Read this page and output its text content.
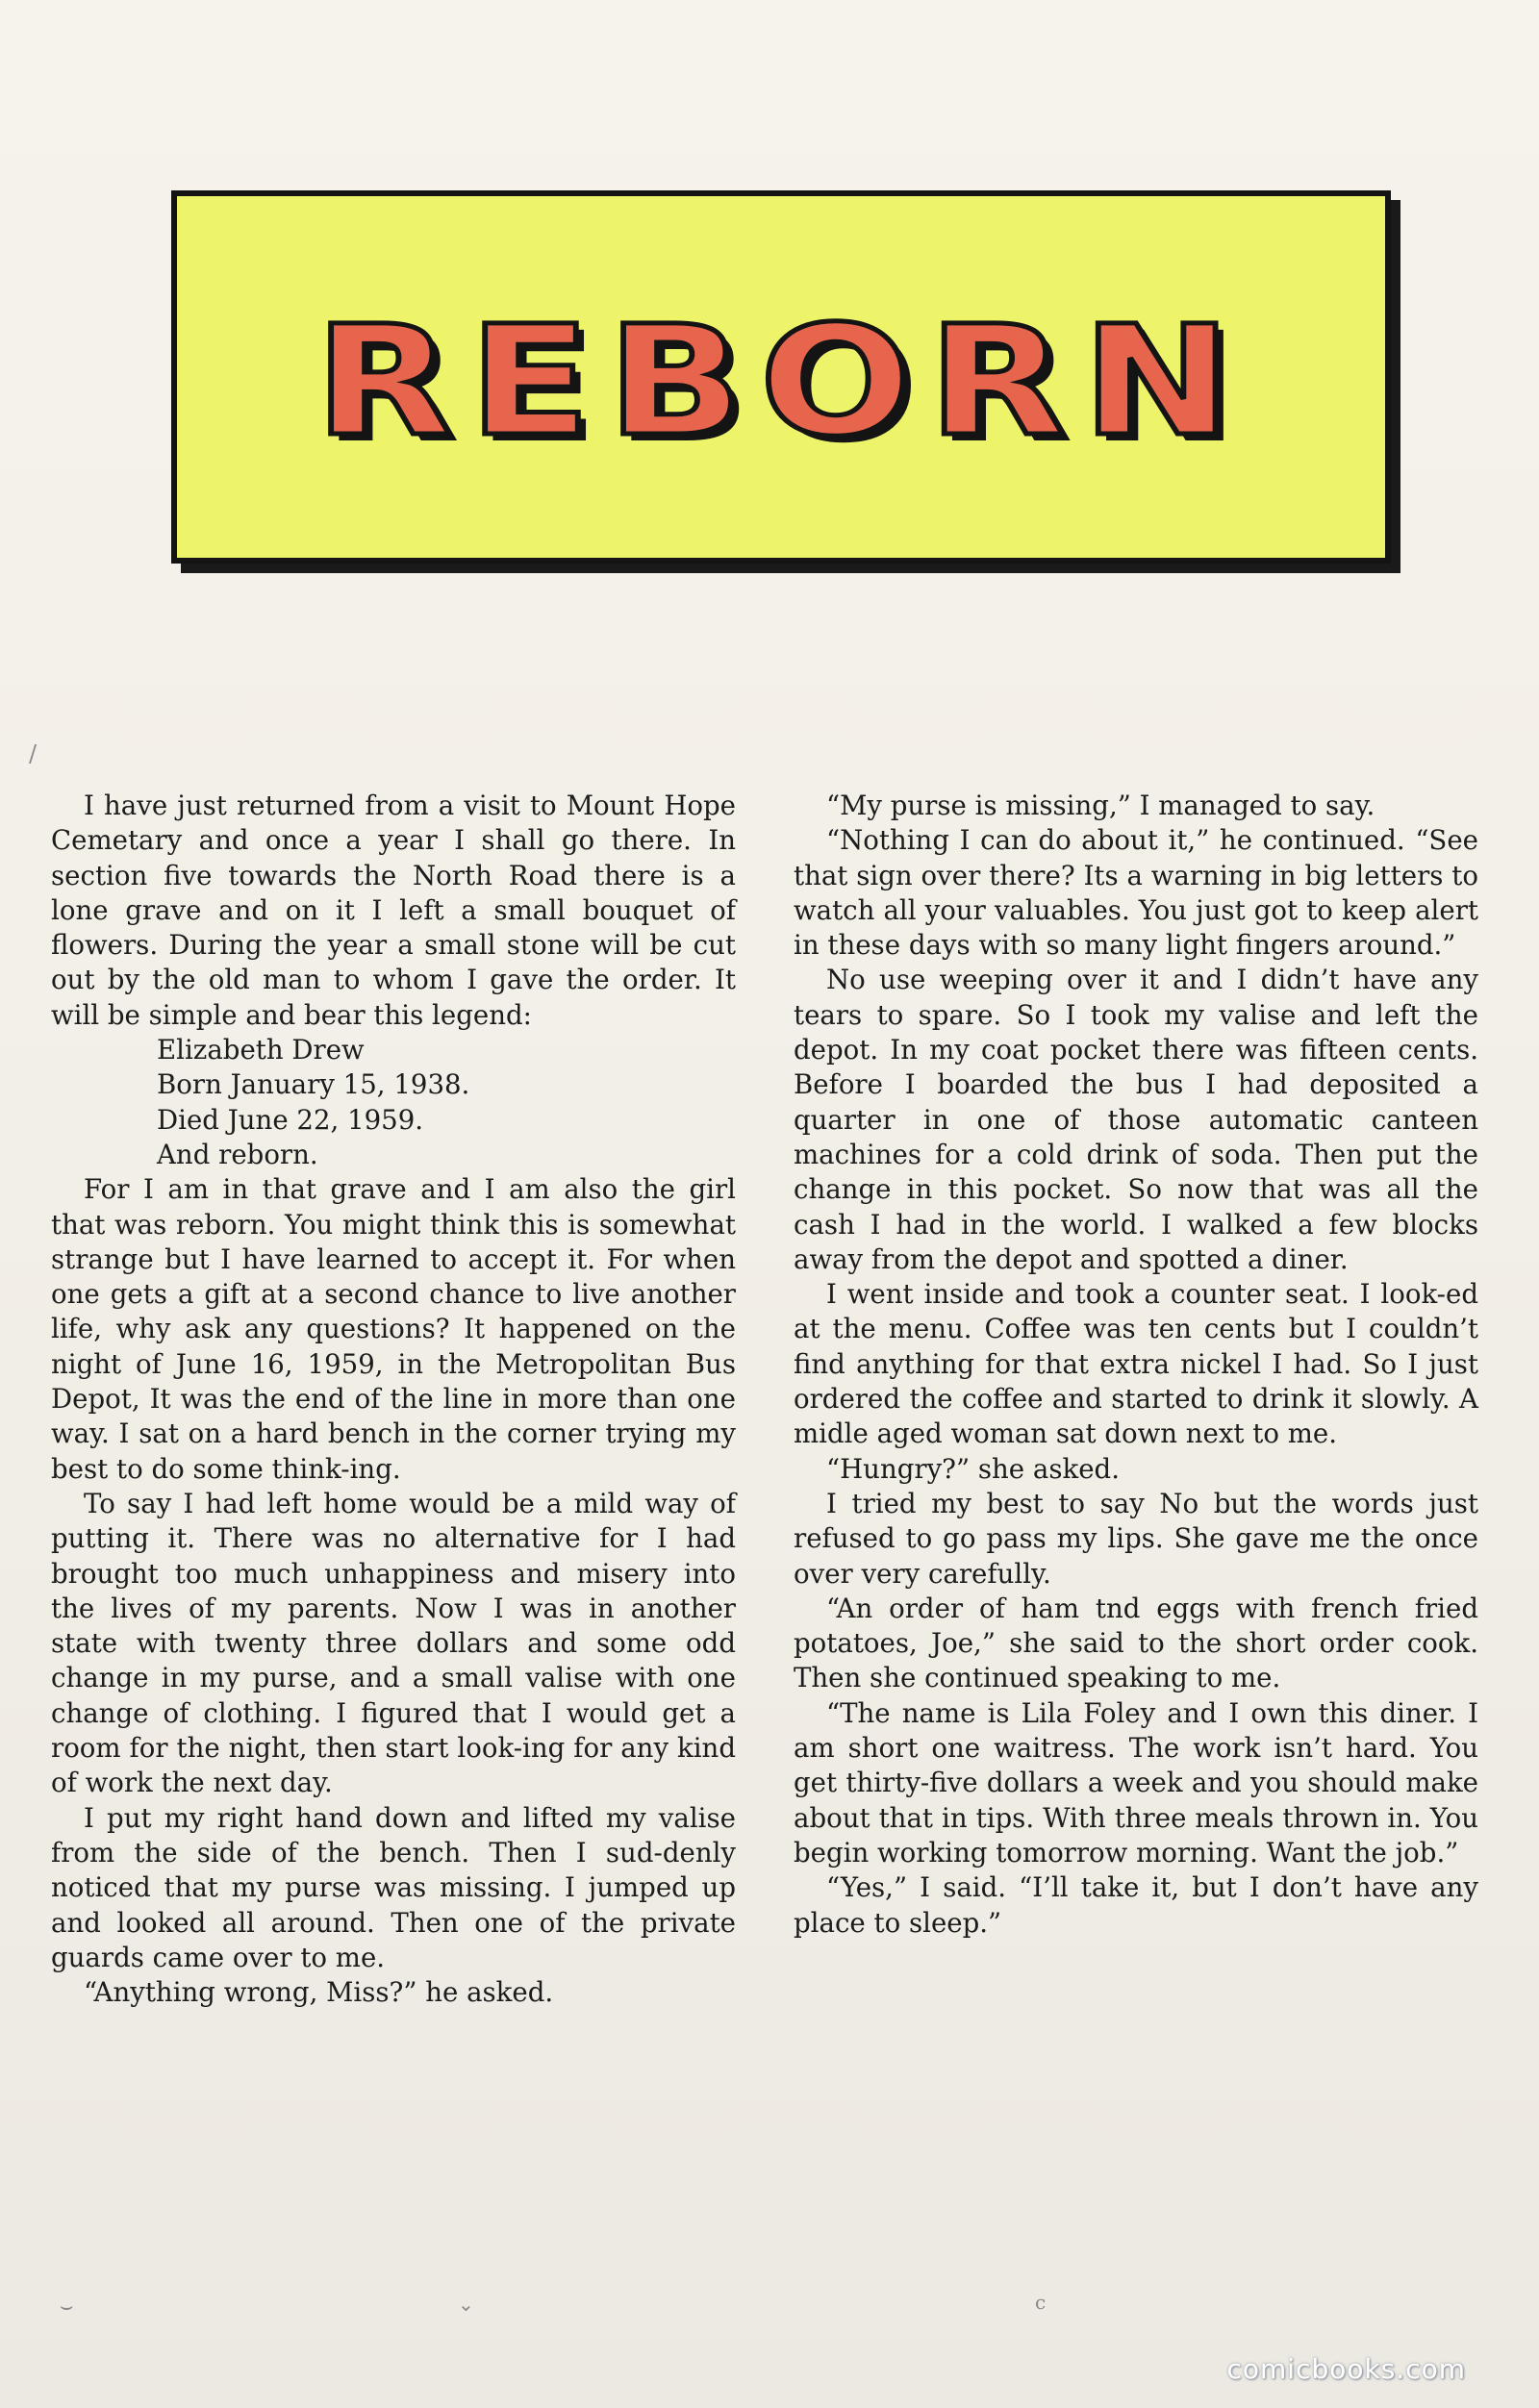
REBORN
/

I have just returned from a visit to Mount Hope Cemetary and once a year I shall go there. In section five towards the North Road there is a lone grave and on it I left a small bouquet of flowers. During the year a small stone will be cut out by the old man to whom I gave the order. It will be simple and bear this legend:

Elizabeth Drew
Born January 15, 1938.
Died June 22, 1959.
And reborn.

For I am in that grave and I am also the girl that was reborn. You might think this is somewhat strange but I have learned to accept it. For when one gets a gift at a second chance to live another life, why ask any questions? It happened on the night of June 16, 1959, in the Metropolitan Bus Depot, It was the end of the line in more than one way. I sat on a hard bench in the corner trying my best to do some think-ing.

To say I had left home would be a mild way of putting it. There was no alternative for I had brought too much unhappiness and misery into the lives of my parents. Now I was in another state with twenty three dollars and some odd change in my purse, and a small valise with one change of clothing. I figured that I would get a room for the night, then start look-ing for any kind of work the next day.

I put my right hand down and lifted my valise from the side of the bench. Then I sud-denly noticed that my purse was missing. I jumped up and looked all around. Then one of the private guards came over to me.

“Anything wrong, Miss?” he asked.

“My purse is missing,” I managed to say.

“Nothing I can do about it,” he continued. “See that sign over there? Its a warning in big letters to watch all your valuables. You just got to keep alert in these days with so many light fingers around.”

No use weeping over it and I didn’t have any tears to spare. So I took my valise and left the depot. In my coat pocket there was fifteen cents. Before I boarded the bus I had deposited a quarter in one of those automatic canteen machines for a cold drink of soda. Then put the change in this pocket. So now that was all the cash I had in the world. I walked a few blocks away from the depot and spotted a diner.

I went inside and took a counter seat. I look-ed at the menu. Coffee was ten cents but I couldn’t find anything for that extra nickel I had. So I just ordered the coffee and started to drink it slowly. A midle aged woman sat down next to me.

“Hungry?” she asked.

I tried my best to say No but the words just refused to go pass my lips. She gave me the once over very carefully.

“An order of ham tnd eggs with french fried potatoes, Joe,” she said to the short order cook. Then she continued speaking to me.

“The name is Lila Foley and I own this diner. I am short one waitress. The work isn’t hard. You get thirty-five dollars a week and you should make about that in tips. With three meals thrown in. You begin working tomorrow morning. Want the job.”

“Yes,” I said. “I’ll take it, but I don’t have any place to sleep.”

⌣	⌄	c
comicbooks.com
